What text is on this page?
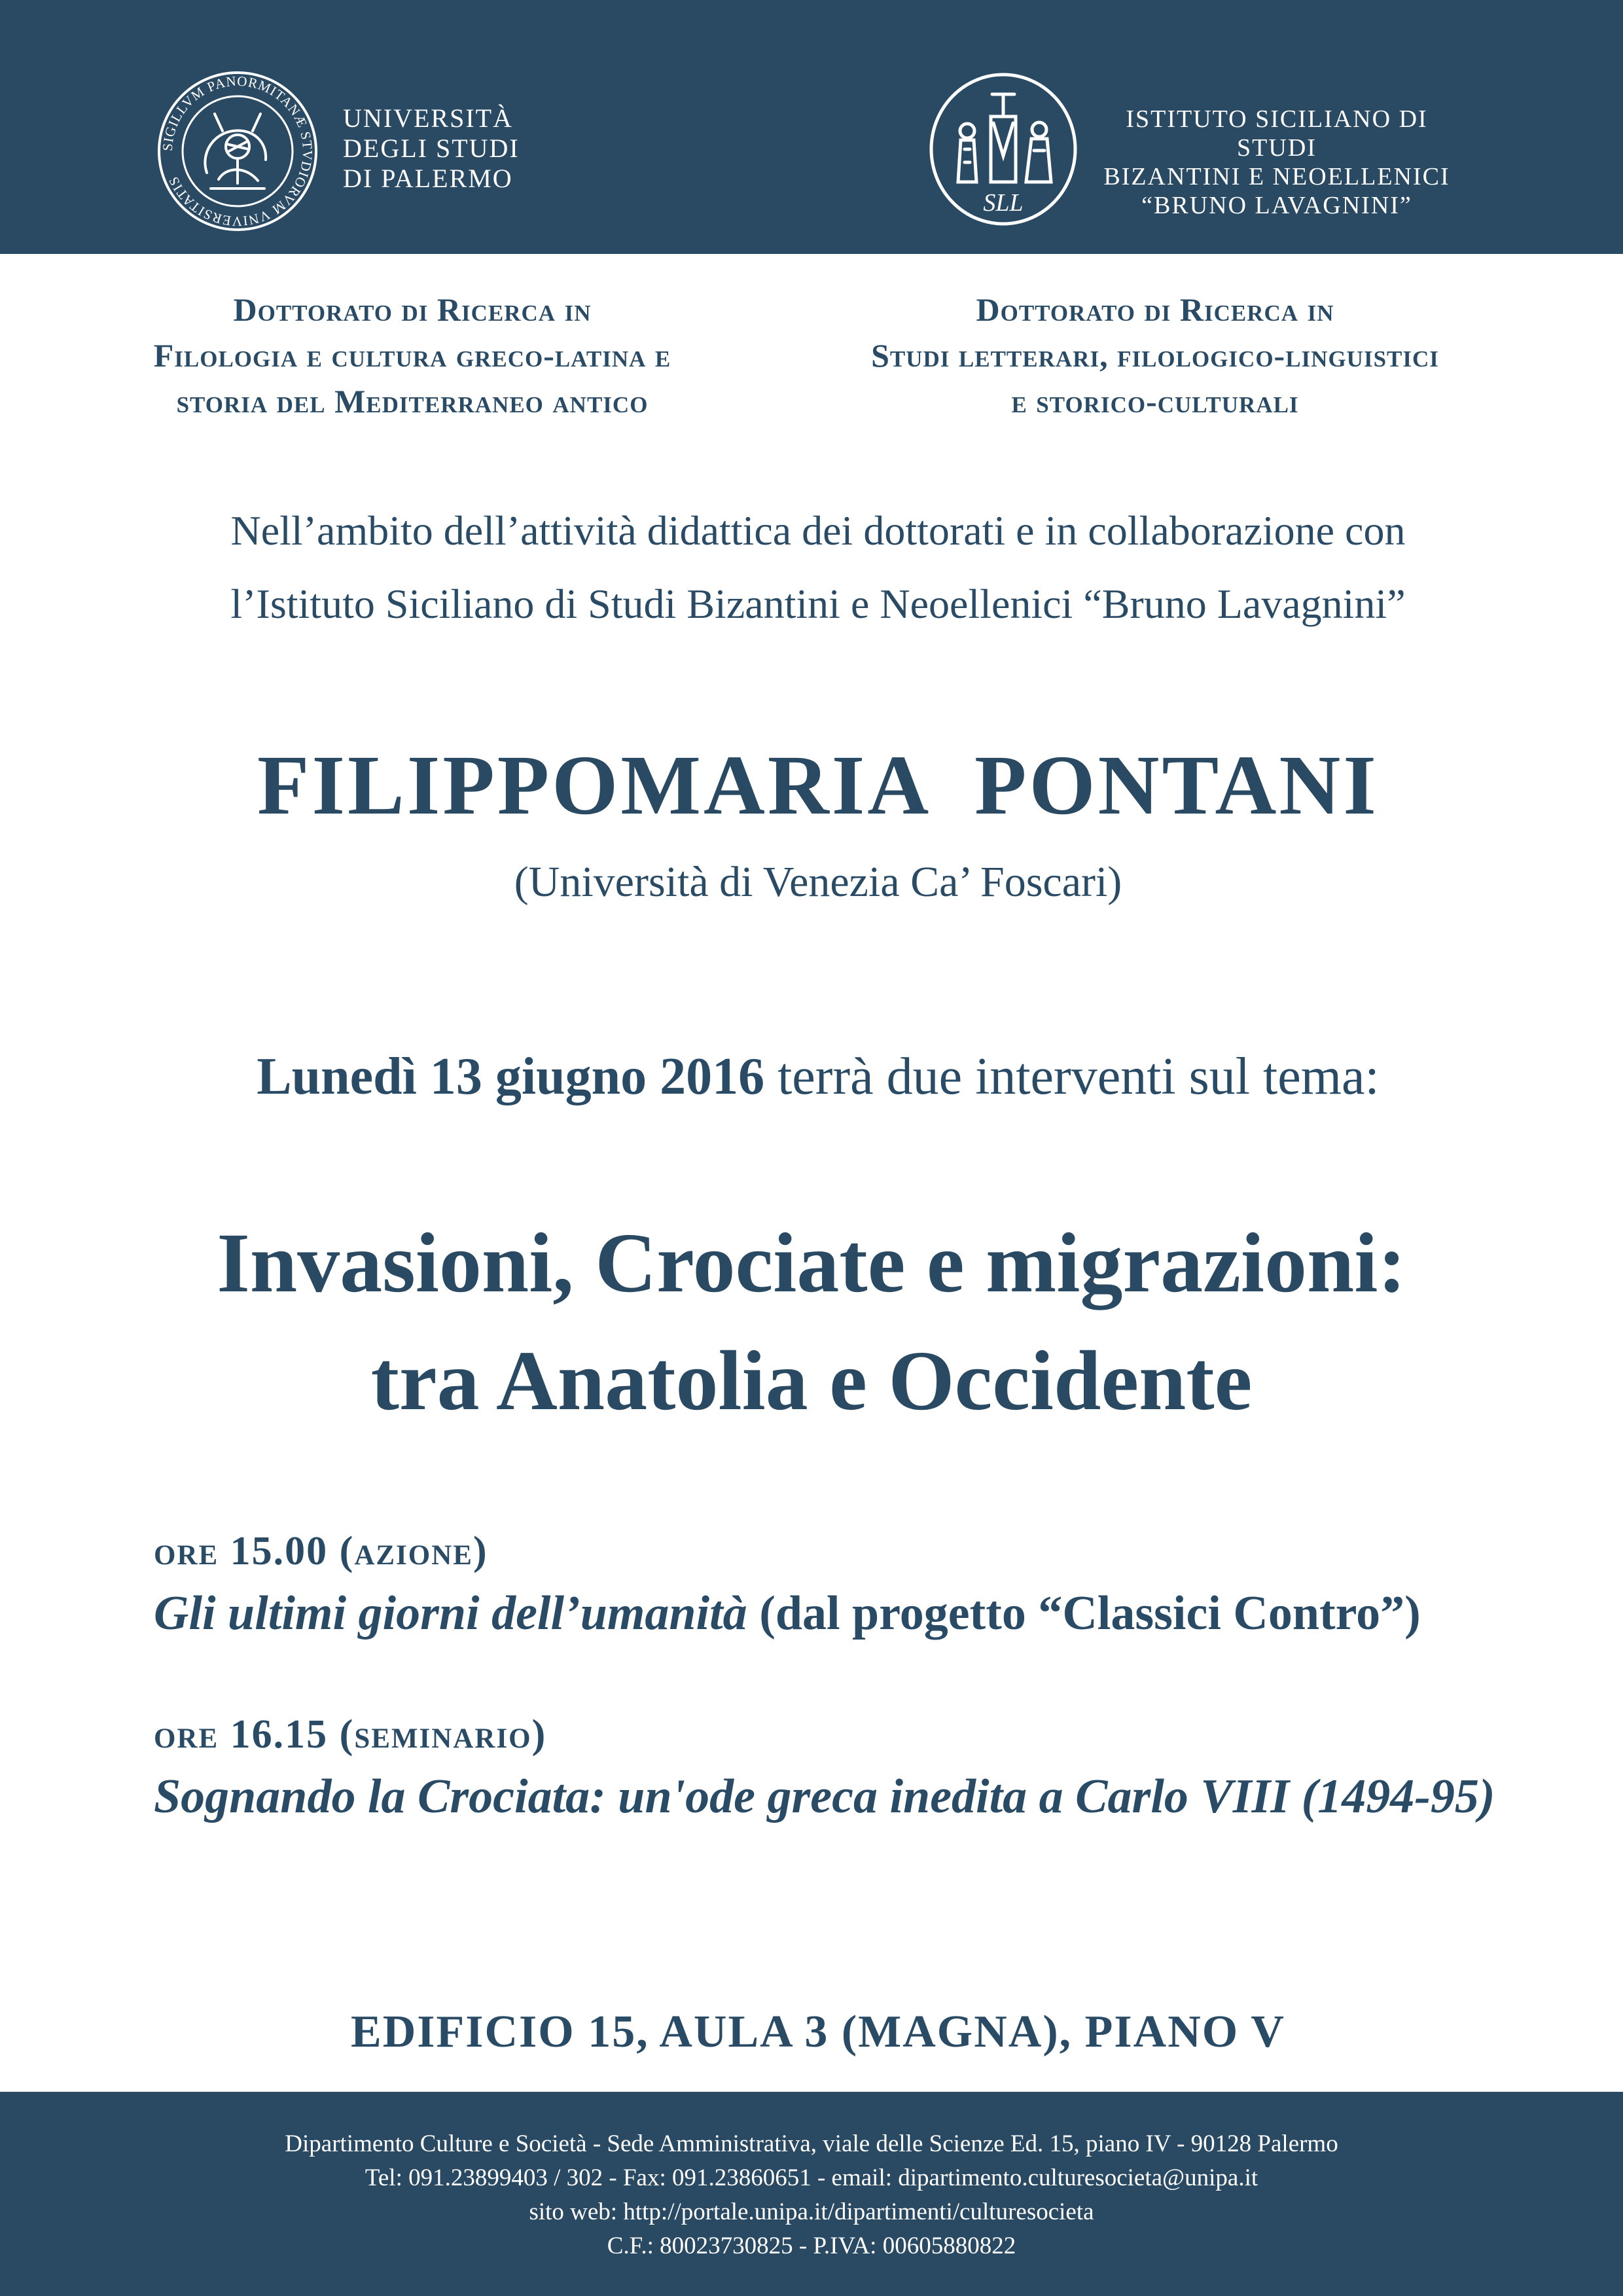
SIGILLVM PANORMITANÆ STVDIORVM VNIVERSITATIS
UNIVERSITÀ
DEGLI STUDI
DI PALERMO
SLL
ISTITUTO SICILIANO DI STUDI
BIZANTINI E NEOELLENICI
“BRUNO LAVAGNINI”
Dottorato di Ricerca in
Filologia e cultura greco-latina e
storia del Mediterraneo antico
Dottorato di Ricerca in
Studi letterari, filologico-linguistici
e storico-culturali
Nell’ambito dell’attività didattica dei dottorati e in collaborazione con
l’Istituto Siciliano di Studi Bizantini e Neoellenici “Bruno Lavagnini”
FILIPPOMARIA  PONTANI
(Università di Venezia Ca’ Foscari)
Lunedì 13 giugno 2016 terrà due interventi sul tema:
Invasioni, Crociate e migrazioni:
tra Anatolia e Occidente
ore 15.00 (azione)
Gli ultimi giorni dell’umanità (dal progetto “Classici Contro”)
ore 16.15 (seminario)
Sognando la Crociata: un'ode greca inedita a Carlo VIII (1494-95)
EDIFICIO 15, AULA 3 (MAGNA), PIANO V
Dipartimento Culture e Società - Sede Amministrativa, viale delle Scienze Ed. 15, piano IV - 90128 Palermo
Tel: 091.23899403 / 302 - Fax: 091.23860651 - email: dipartimento.culturesocieta@unipa.it
sito web: http://portale.unipa.it/dipartimenti/culturesocieta
C.F.: 80023730825 - P.IVA: 00605880822
